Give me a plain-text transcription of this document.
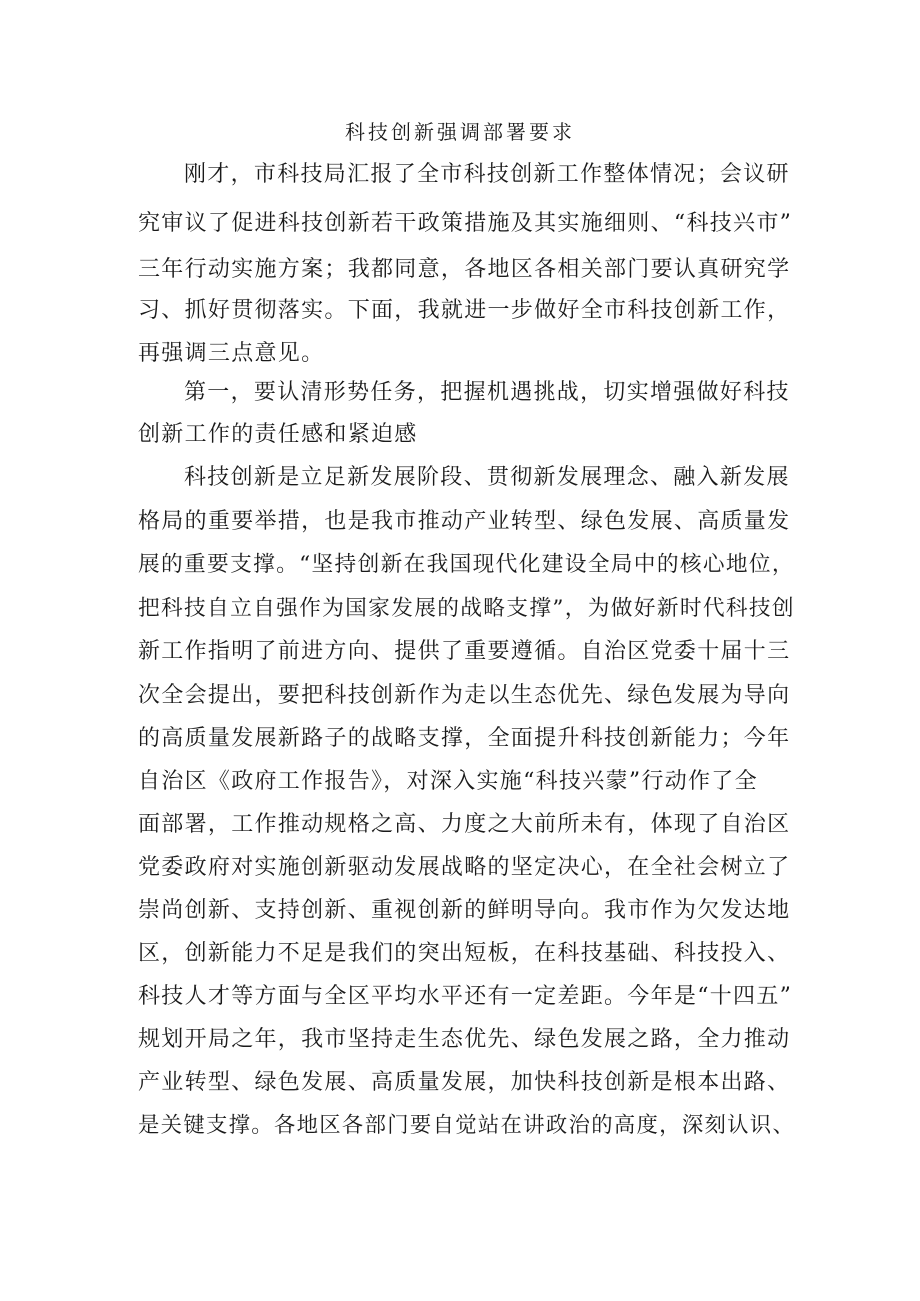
科技创新强调部署要求
刚才，市科技局汇报了全市科技创新工作整体情况；会议研
究审议了促进科技创新若干政策措施及其实施细则、“科技兴市”
三年行动实施方案；我都同意，各地区各相关部门要认真研究学
习、抓好贯彻落实。下面，我就进一步做好全市科技创新工作，
再强调三点意见。
第一，要认清形势任务，把握机遇挑战，切实增强做好科技
创新工作的责任感和紧迫感
科技创新是立足新发展阶段、贯彻新发展理念、融入新发展
格局的重要举措，也是我市推动产业转型、绿色发展、高质量发
展的重要支撑。“坚持创新在我国现代化建设全局中的核心地位，
把科技自立自强作为国家发展的战略支撑”，为做好新时代科技创
新工作指明了前进方向、提供了重要遵循。自治区党委十届十三
次全会提出，要把科技创新作为走以生态优先、绿色发展为导向
的高质量发展新路子的战略支撑，全面提升科技创新能力；今年
自治区《政府工作报告》，对深入实施“科技兴蒙”行动作了全
面部署，工作推动规格之高、力度之大前所未有，体现了自治区
党委政府对实施创新驱动发展战略的坚定决心，在全社会树立了
崇尚创新、支持创新、重视创新的鲜明导向。我市作为欠发达地
区，创新能力不足是我们的突出短板，在科技基础、科技投入、
科技人才等方面与全区平均水平还有一定差距。今年是“十四五”
规划开局之年，我市坚持走生态优先、绿色发展之路，全力推动
产业转型、绿色发展、高质量发展，加快科技创新是根本出路、
是关键支撑。各地区各部门要自觉站在讲政治的高度，深刻认识、
